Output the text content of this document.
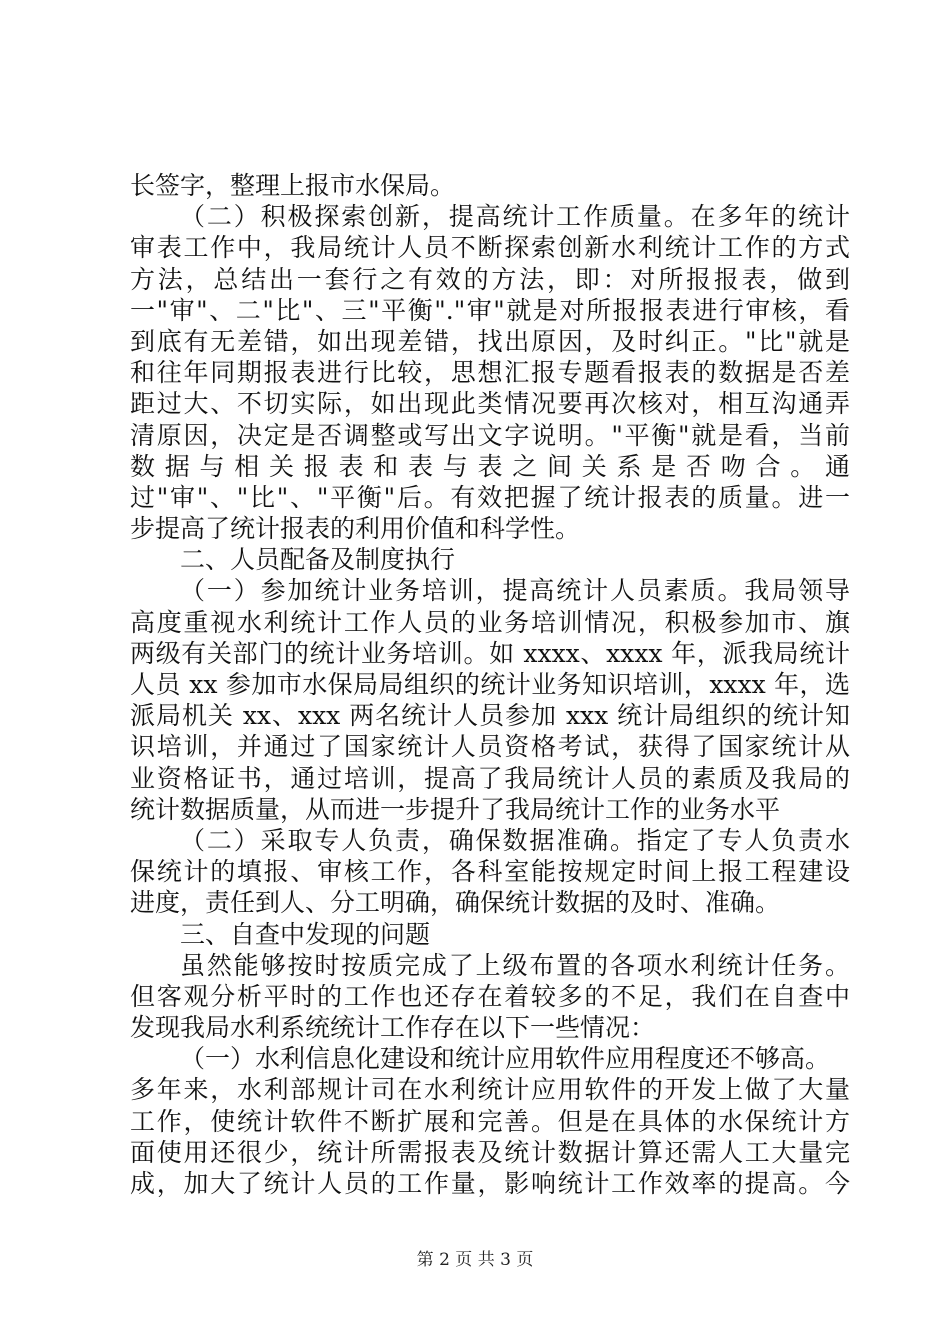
长签字，整理上报市水保局。
（二）积极探索创新，提高统计工作质量。在多年的统计
审表工作中，我局统计人员不断探索创新水利统计工作的方式
方法，总结出一套行之有效的方法，即：对所报报表，做到
一"审"、二"比"、三"平衡"."审"就是对所报报表进行审核，看
到底有无差错，如出现差错，找出原因，及时纠正。"比"就是
和往年同期报表进行比较，思想汇报专题看报表的数据是否差
距过大、不切实际，如出现此类情况要再次核对，相互沟通弄
清原因，决定是否调整或写出文字说明。"平衡"就是看，当前
数据与相关报表和表与表之间关系是否吻合。通
过"审"、"比"、"平衡"后。有效把握了统计报表的质量。进一
步提高了统计报表的利用价值和科学性。
二、人员配备及制度执行
（一）参加统计业务培训，提高统计人员素质。我局领导
高度重视水利统计工作人员的业务培训情况，积极参加市、旗
两级有关部门的统计业务培训。如 xxxx、xxxx 年，派我局统计
人员 xx 参加市水保局局组织的统计业务知识培训，xxxx 年，选
派局机关 xx、xxx 两名统计人员参加 xxx 统计局组织的统计知
识培训，并通过了国家统计人员资格考试，获得了国家统计从
业资格证书，通过培训，提高了我局统计人员的素质及我局的
统计数据质量，从而进一步提升了我局统计工作的业务水平
（二）采取专人负责，确保数据准确。指定了专人负责水
保统计的填报、审核工作，各科室能按规定时间上报工程建设
进度，责任到人、分工明确，确保统计数据的及时、准确。
三、自查中发现的问题
虽然能够按时按质完成了上级布置的各项水利统计任务。
但客观分析平时的工作也还存在着较多的不足，我们在自查中
发现我局水利系统统计工作存在以下一些情况：
（一）水利信息化建设和统计应用软件应用程度还不够高。
多年来，水利部规计司在水利统计应用软件的开发上做了大量
工作，使统计软件不断扩展和完善。但是在具体的水保统计方
面使用还很少，统计所需报表及统计数据计算还需人工大量完
成，加大了统计人员的工作量，影响统计工作效率的提高。今
第 2 页 共 3 页
